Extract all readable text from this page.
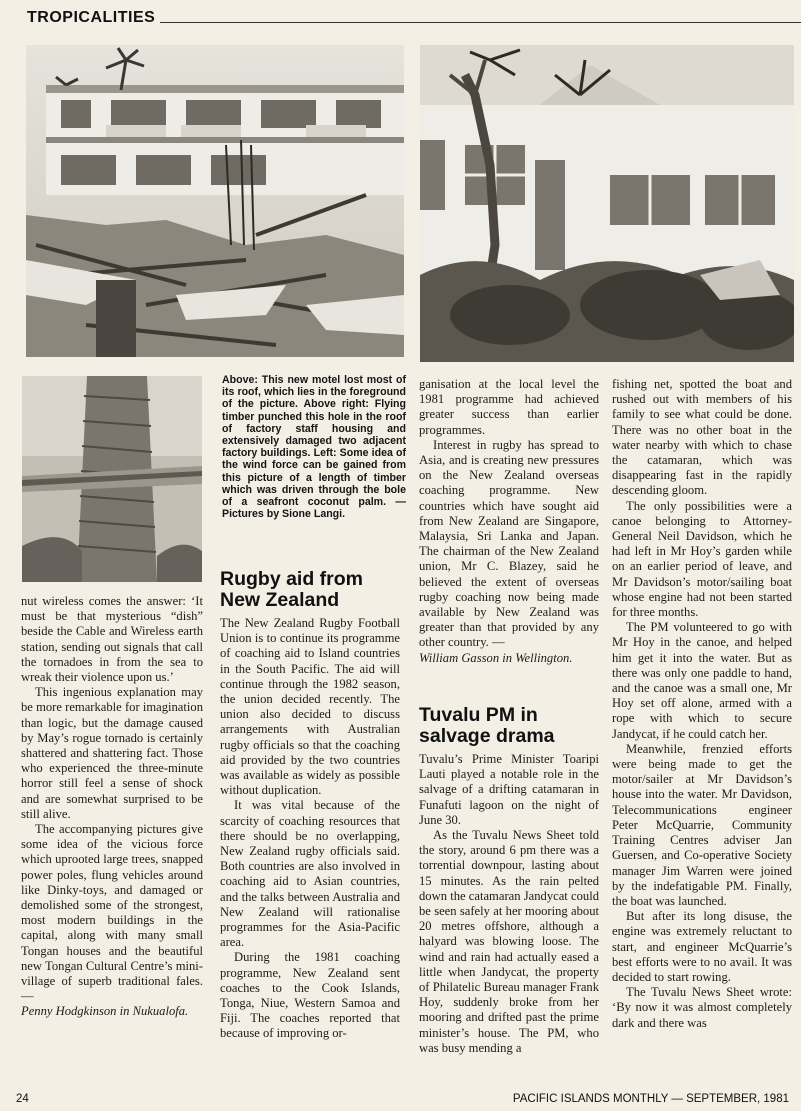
TROPICALITIES
Above: This new motel lost most of its roof, which lies in the foreground of the picture. Above right: Flying timber punched this hole in the roof of factory staff housing and extensively damaged two adjacent factory buildings. Left: Some idea of the wind force can be gained from this picture of a length of timber which was driven through the bole of a seafront coconut palm. — Pictures by Sione Langi.

nut wireless comes the answer: ‘It must be that mysterious “dish” beside the Cable and Wireless earth station, sending out signals that call the tornadoes in from the sea to wreak their violence upon us.’

This ingenious explanation may be more remarkable for imagination than logic, but the damage caused by May’s rogue tornado is certainly shattered and shattering fact. Those who experienced the three-minute horror still feel a sense of shock and are somewhat surprised to be still alive.

The accompanying pictures give some idea of the vicious force which uprooted large trees, snapped power poles, flung vehicles around like Dinky-toys, and damaged or demolished some of the strongest, most modern buildings in the capital, along with many small Tongan houses and the beautiful new Tongan Cultural Centre’s mini-village of superb traditional fales. —

Penny Hodgkinson in Nukualofa.

Rugby aid from New Zealand

The New Zealand Rugby Football Union is to continue its programme of coaching aid to Island countries in the South Pacific. The aid will continue through the 1982 season, the union decided recently. The union also decided to discuss arrangements with Australian rugby officials so that the coaching aid provided by the two countries was available as widely as possible without duplication.

It was vital because of the scarcity of coaching resources that there should be no overlapping, New Zealand rugby officials said. Both countries are also involved in coaching aid to Asian countries, and the talks between Australia and New Zealand will rationalise programmes for the Asia-Pacific area.

During the 1981 coaching programme, New Zealand sent coaches to the Cook Islands, Tonga, Niue, Western Samoa and Fiji. The coaches reported that because of improving or-

ganisation at the local level the 1981 programme had achieved greater success than earlier programmes.

Interest in rugby has spread to Asia, and is creating new pressures on the New Zealand overseas coaching programme. New countries which have sought aid from New Zealand are Singapore, Malaysia, Sri Lanka and Japan. The chairman of the New Zealand union, Mr C. Blazey, said he believed the extent of overseas rugby coaching now being made available by New Zealand was greater than that provided by any other country. —

William Gasson in Wellington.

Tuvalu PM in salvage drama

Tuvalu’s Prime Minister Toaripi Lauti played a notable role in the salvage of a drifting catamaran in Funafuti lagoon on the night of June 30.

As the Tuvalu News Sheet told the story, around 6 pm there was a torrential downpour, lasting about 15 minutes. As the rain pelted down the catamaran Jandycat could be seen safely at her mooring about 20 metres offshore, although a halyard was blowing loose. The wind and rain had actually eased a little when Jandycat, the property of Philatelic Bureau manager Frank Hoy, suddenly broke from her mooring and drifted past the prime minister’s house. The PM, who was busy mending a

fishing net, spotted the boat and rushed out with members of his family to see what could be done. There was no other boat in the water nearby with which to chase the catamaran, which was disappearing fast in the rapidly descending gloom.

The only possibilities were a canoe belonging to Attorney-General Neil Davidson, which he had left in Mr Hoy’s garden while on an earlier period of leave, and Mr Davidson’s motor/sailing boat whose engine had not been started for three months.

The PM volunteered to go with Mr Hoy in the canoe, and helped him get it into the water. But as there was only one paddle to hand, and the canoe was a small one, Mr Hoy set off alone, armed with a rope with which to secure Jandycat, if he could catch her.

Meanwhile, frenzied efforts were being made to get the motor/sailer at Mr Davidson’s house into the water. Mr Davidson, Telecommunications engineer Peter McQuarrie, Community Training Centres adviser Jan Guersen, and Co-operative Society manager Jim Warren were joined by the indefatigable PM. Finally, the boat was launched.

But after its long disuse, the engine was extremely reluctant to start, and engineer McQuarrie’s best efforts were to no avail. It was decided to start rowing.

The Tuvalu News Sheet wrote: ‘By now it was almost completely dark and there was

24	PACIFIC ISLANDS MONTHLY — SEPTEMBER, 1981
